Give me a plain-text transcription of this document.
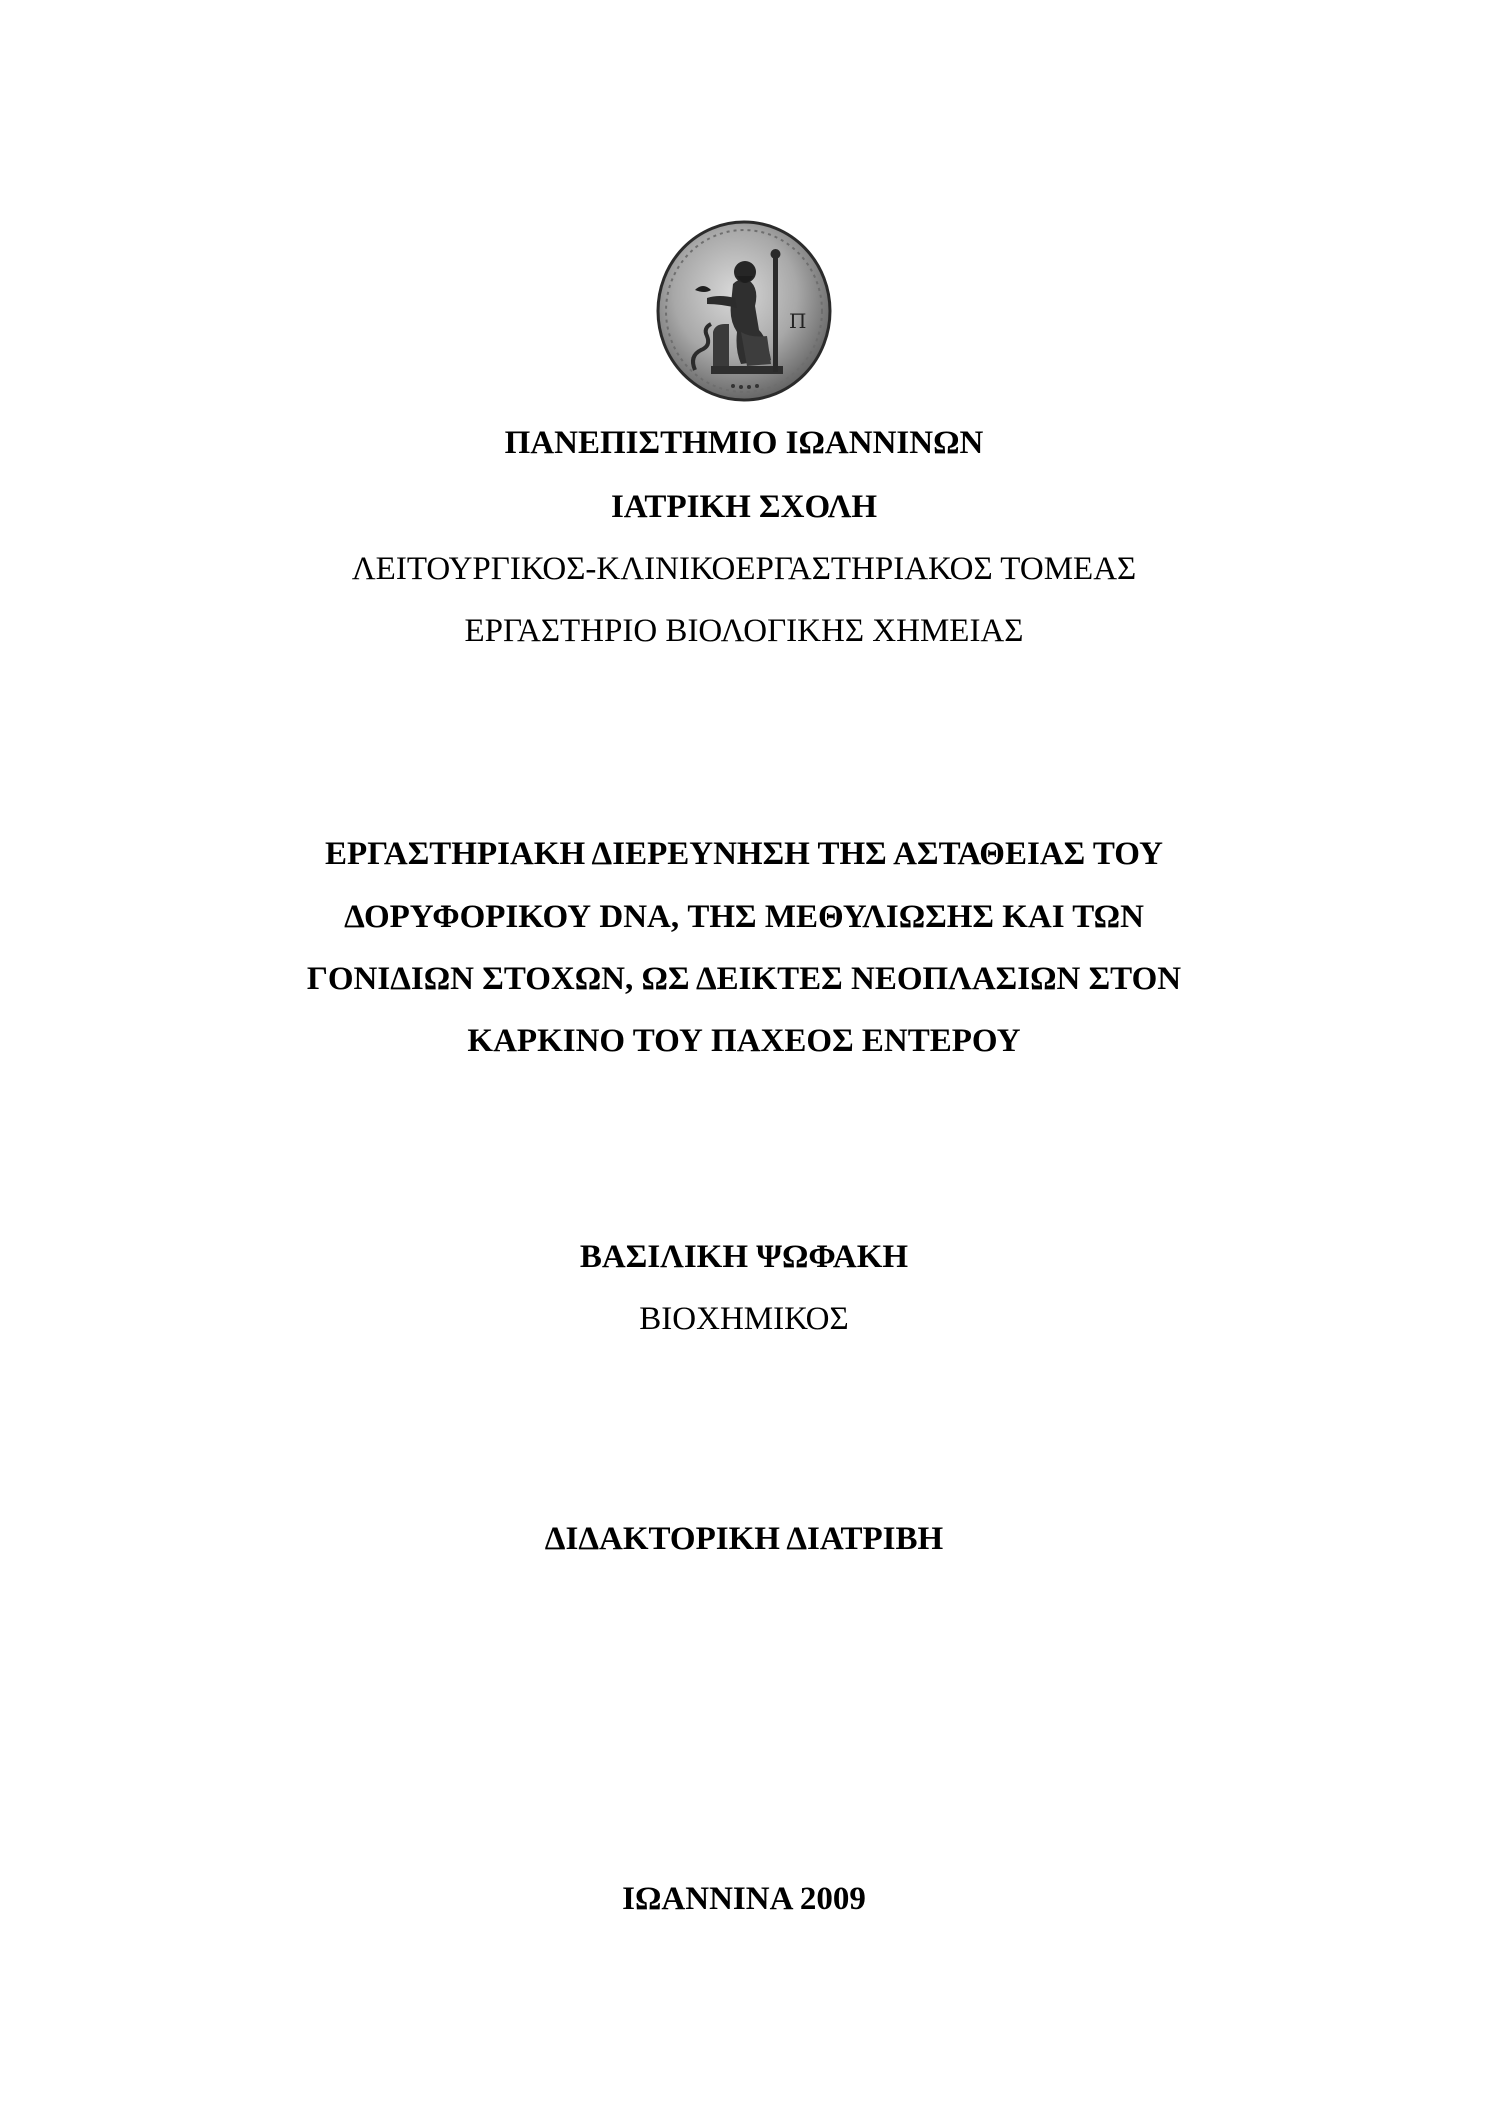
Π
ΠΑΝΕΠΙΣΤΗΜΙΟ ΙΩΑΝΝΙΝΩΝ
ΙΑΤΡΙΚΗ ΣΧΟΛΗ
ΛΕΙΤΟΥΡΓΙΚΟΣ-ΚΛΙΝΙΚΟΕΡΓΑΣΤΗΡΙΑΚΟΣ ΤΟΜΕΑΣ
ΕΡΓΑΣΤΗΡΙΟ ΒΙΟΛΟΓΙΚΗΣ ΧΗΜΕΙΑΣ
ΕΡΓΑΣΤΗΡΙΑΚΗ ΔΙΕΡΕΥΝΗΣΗ ΤΗΣ ΑΣΤΑΘΕΙΑΣ ΤΟΥ
ΔΟΡΥΦΟΡΙΚΟΥ DNA, ΤΗΣ ΜΕΘΥΛΙΩΣΗΣ ΚΑΙ ΤΩΝ
ΓΟΝΙΔΙΩΝ ΣΤΟΧΩΝ, ΩΣ ΔΕΙΚΤΕΣ ΝΕΟΠΛΑΣΙΩΝ ΣΤΟΝ
ΚΑΡΚΙΝΟ ΤΟΥ ΠΑΧΕΟΣ ΕΝΤΕΡΟΥ
ΒΑΣΙΛΙΚΗ ΨΩΦΑΚΗ
ΒΙΟΧΗΜΙΚΟΣ
ΔΙΔΑΚΤΟΡΙΚΗ ΔΙΑΤΡΙΒΗ
ΙΩΑΝΝΙΝΑ 2009
